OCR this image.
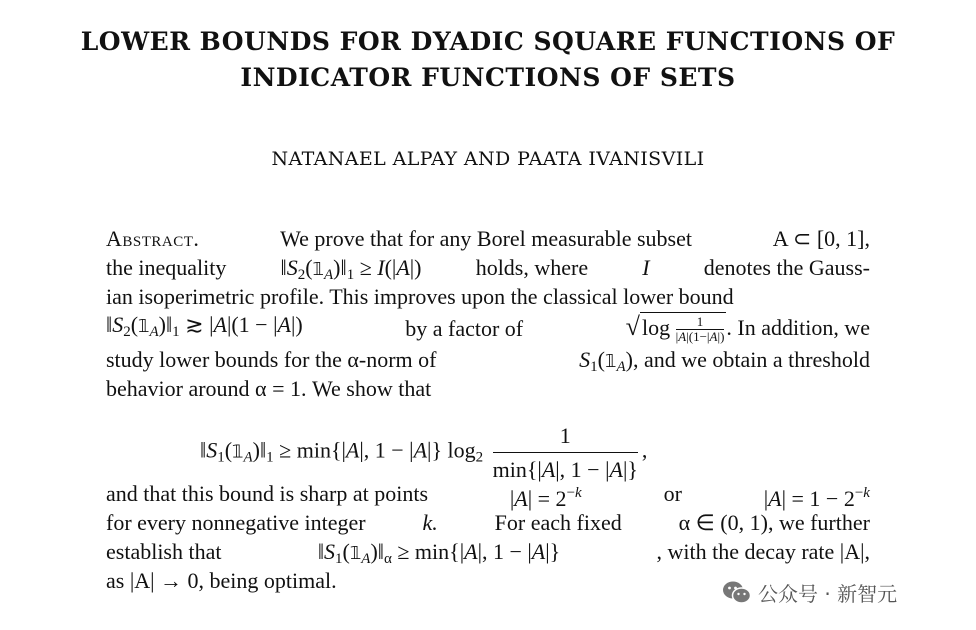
LOWER BOUNDS FOR DYADIC SQUARE FUNCTIONS OF
INDICATOR FUNCTIONS OF SETS
NATANAEL ALPAY AND PAATA IVANISVILI
Abstract.	We prove that for any Borel measurable subset	A ⊂ [0, 1],
the inequality $‖S_2(𝟙_A)‖_1 \ge I(|A|)$ holds, where I denotes the Gauss-
ian isoperimetric profile. This improves upon the classical lower bound
$‖S_2(𝟙_A)‖_1$ ≳ |A|(1 − |A|)	by a factor of	$√\log \frac{1}{|A|(1-|A|)}$ . In addition, we
study lower bounds for the α-norm of	$S_1(𝟙_A)$, and we obtain a threshold
behavior around α = 1. We show that
$‖S_1(𝟙_A)‖_1 \ge \min\{|A|$, 1 − |A|} $\log_2 \frac{1}{\min\{|A|, 1 - |A|\}}$ ,
and that this bound is sharp at points	$|A| = 2^{-k}$	or	$|A| = 1 - 2^{-k}$
for every nonnegative integer	k.	For each fixed	α ∈ (0, 1), we further
establish that	$‖S_1(𝟙_A)‖_\alpha \ge \min\{|A|$, 1 − |A|}	, with the decay rate |A|,
as |A| → 0, being optimal.
公众号 · 新智元
